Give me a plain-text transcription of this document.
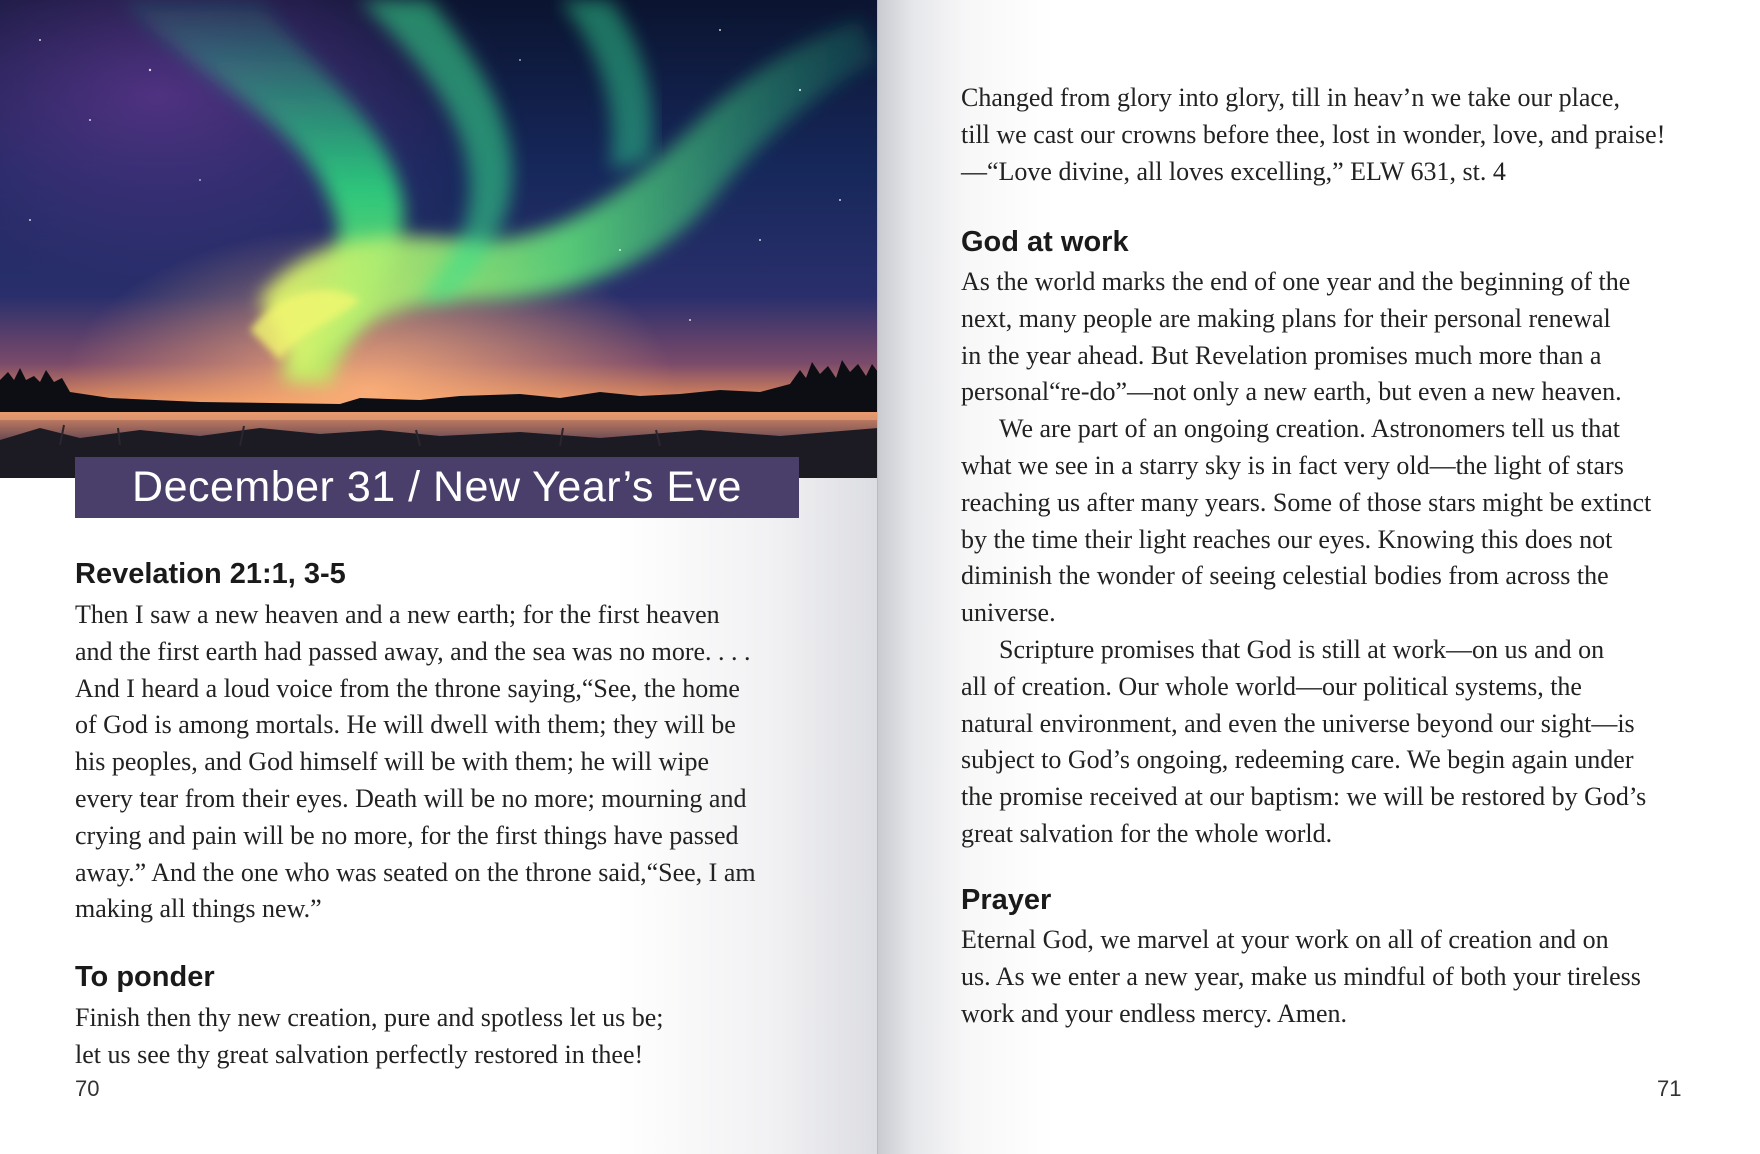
December 31 / New Year’s Eve
Revelation 21:1, 3-5
Then I saw a new heaven and a new earth; for the first heaven
and the first earth had passed away, and the sea was no more. . . .
And I heard a loud voice from the throne saying,“See, the home
of God is among mortals. He will dwell with them; they will be
his peoples, and God himself will be with them; he will wipe
every tear from their eyes. Death will be no more; mourning and
crying and pain will be no more, for the first things have passed
away.” And the one who was seated on the throne said,“See, I am
making all things new.”
To ponder
Finish then thy new creation, pure and spotless let us be;
let us see thy great salvation perfectly restored in thee!
70
Changed from glory into glory, till in heav’n we take our place,
till we cast our crowns before thee, lost in wonder, love, and praise!
—“Love divine, all loves excelling,” ELW 631, st. 4
God at work
As the world marks the end of one year and the beginning of the
next, many people are making plans for their personal renewal
in the year ahead. But Revelation promises much more than a
personal“re-do”—not only a new earth, but even a new heaven.
We are part of an ongoing creation. Astronomers tell us that
what we see in a starry sky is in fact very old—the light of stars
reaching us after many years. Some of those stars might be extinct
by the time their light reaches our eyes. Knowing this does not
diminish the wonder of seeing celestial bodies from across the
universe.
Scripture promises that God is still at work—on us and on
all of creation. Our whole world—our political systems, the
natural environment, and even the universe beyond our sight—is
subject to God’s ongoing, redeeming care. We begin again under
the promise received at our baptism: we will be restored by God’s
great salvation for the whole world.
Prayer
Eternal God, we marvel at your work on all of creation and on
us. As we enter a new year, make us mindful of both your tireless
work and your endless mercy. Amen.
71
